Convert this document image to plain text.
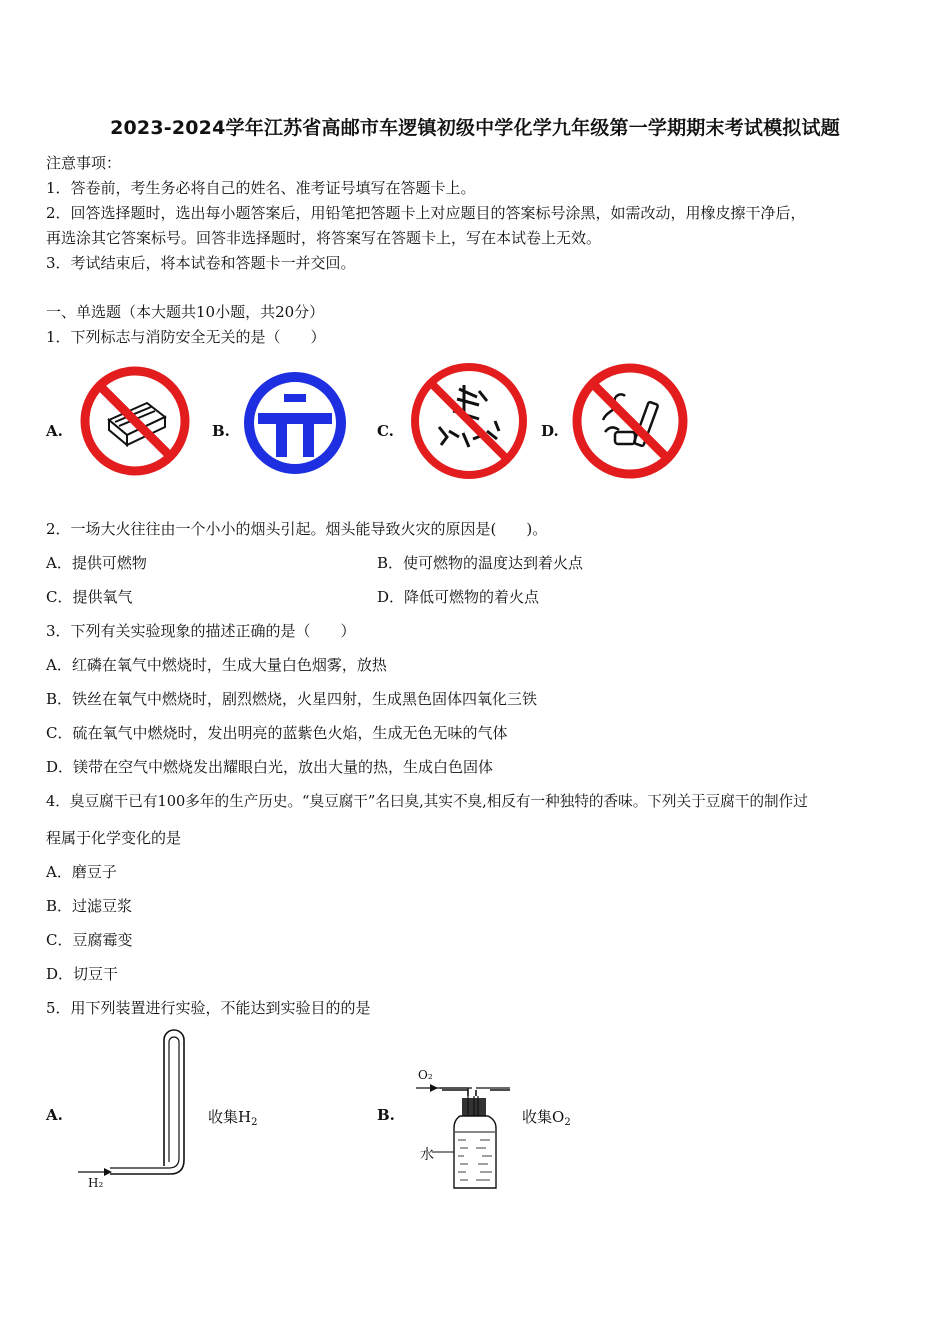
2023-2024学年江苏省高邮市车逻镇初级中学化学九年级第一学期期末考试模拟试题
注意事项：
1．答卷前，考生务必将自己的姓名、准考证号填写在答题卡上。
2．回答选择题时，选出每小题答案后，用铅笔把答题卡上对应题目的答案标号涂黑，如需改动，用橡皮擦干净后，
再选涂其它答案标号。回答非选择题时，将答案写在答题卡上，写在本试卷上无效。
3．考试结束后，将本试卷和答题卡一并交回。
一、单选题（本大题共10小题，共20分）
1．下列标志与消防安全无关的是（　　）
A.	B.	C.	D.
2．一场大火往往由一个小小的烟头引起。烟头能导致火灾的原因是(　　)。
A．提供可燃物	B．使可燃物的温度达到着火点
C．提供氧气	D．降低可燃物的着火点
3．下列有关实验现象的描述正确的是（　　）
A．红磷在氧气中燃烧时，生成大量白色烟雾，放热
B．铁丝在氧气中燃烧时，剧烈燃烧，火星四射，生成黑色固体四氧化三铁
C．硫在氧气中燃烧时，发出明亮的蓝紫色火焰，生成无色无味的气体
D．镁带在空气中燃烧发出耀眼白光，放出大量的热，生成白色固体
4．臭豆腐干已有100多年的生产历史。“臭豆腐干”名曰臭,其实不臭,相反有一种独特的香味。下列关于豆腐干的制作过
程属于化学变化的是
A．磨豆子
B．过滤豆浆
C．豆腐霉变
D．切豆干
5．用下列装置进行实验，不能达到实验目的的是
A.
H₂
收集$H_2$	B.
O₂
水
收集$O_2$
